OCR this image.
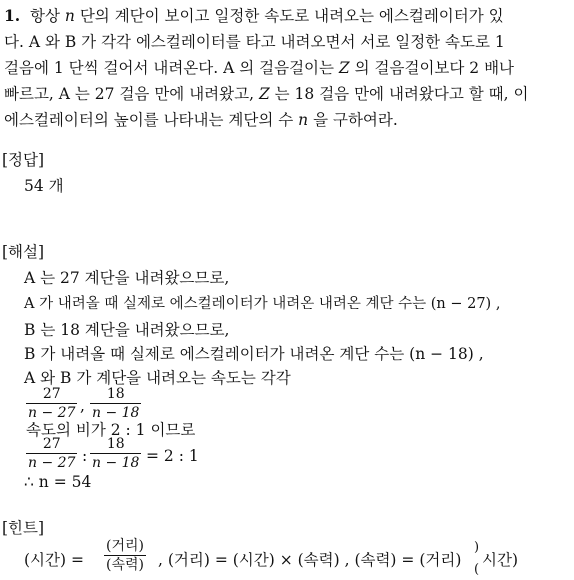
1. 항상 n 단의 계단이 보이고 일정한 속도로 내려오는 에스컬레이터가 있
다. A 와 B 가 각각 에스컬레이터를 타고 내려오면서 서로 일정한 속도로 1
걸음에 1 단씩 걸어서 내려온다. A 의 걸음걸이는 Z 의 걸음걸이보다 2 배나
빠르고, A 는 27 걸음 만에 내려왔고, Z 는 18 걸음 만에 내려왔다고 할 때, 이
에스컬레이터의 높이를 나타내는 계단의 수 n 을 구하여라.
[정답]
54 개
[해설]
A 는 27 계단을 내려왔으므로,
A 가 내려올 때 실제로 에스컬레이터가 내려온 내려온 계단 수는 (n − 27) ,
B 는 18 계단을 내려왔으므로,
B 가 내려올 때 실제로 에스컬레이터가 내려온 계단 수는 (n − 18) ,
A 와 B 가 계단을 내려오는 속도는 각각
27
n − 27 ,
18
n − 18
속도의 비가 2 : 1 이므로
27
n − 27 :
18
n − 18 = 2 : 1
∴ n = 54
[힌트]
(시간) =
(거리)
(속력) , (거리) = (시간) × (속력) , (속력) = (거리)
)
(
시간)
